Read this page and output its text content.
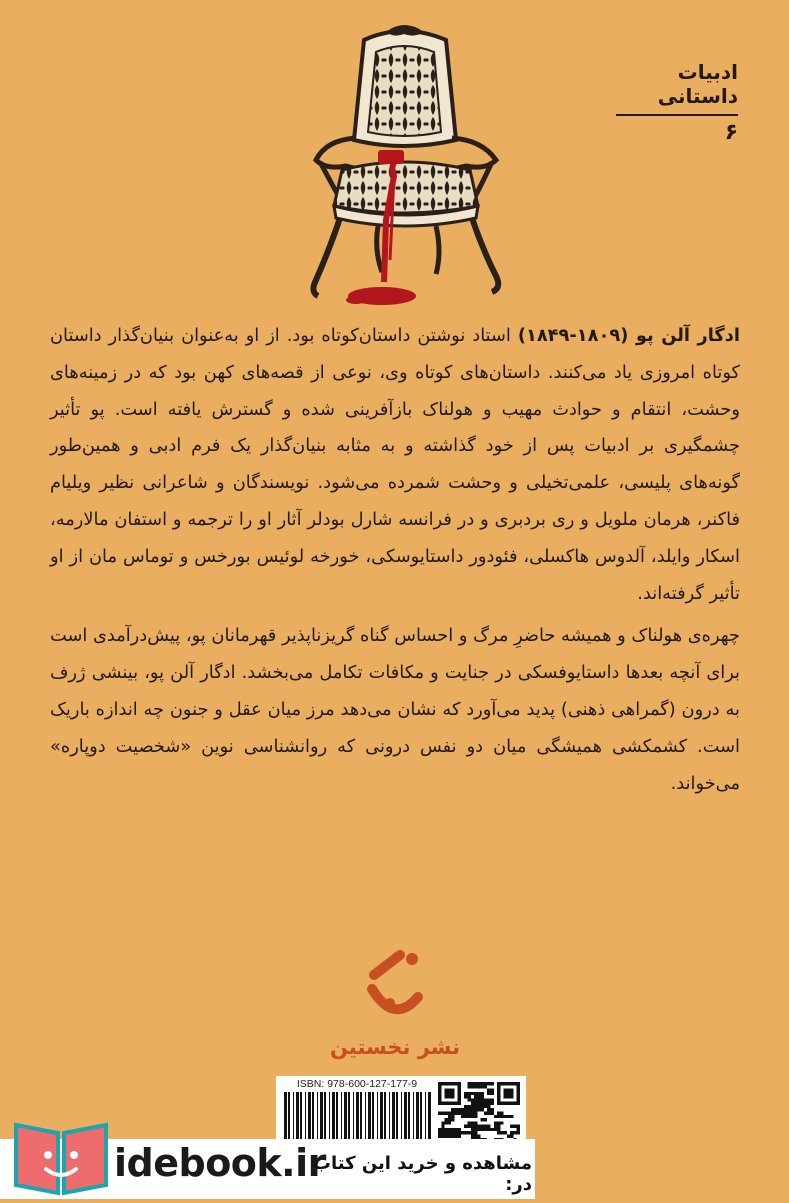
ادبیات داستانی
۶

ادگار آلن پو (۱۸۰۹-۱۸۴۹) استاد نوشتن داستان‌کوتاه بود. از او به‌عنوان بنیان‌گذار داستان کوتاه امروزی یاد می‌کنند. داستان‌های کوتاه وی، نوعی از قصه‌های کهن بود که در زمینه‌های وحشت، انتقام و حوادث مهیب و هولناک بازآفرینی شده و گسترش یافته است. پو تأثیر چشمگیری بر ادبیات پس از خود گذاشته و به مثابه بنیان‌گذار یک فرم ادبی و همین‌طور گونه‌های پلیسی، علمی‌تخیلی و وحشت شمرده می‌شود. نویسندگان و شاعرانی نظیر ویلیام فاکنر، هرمان ملویل و ری بردبری و در فرانسه شارل بودلر آثار او را ترجمه و استفان مالارمه، اسکار وایلد، آلدوس هاکسلی، فئودور داستایوسکی، خورخه لوئیس بورخس و توماس مان از او تأثیر گرفته‌اند.

چهره‌ی هولناک و همیشه حاضرِ مرگ و احساس گناه گریزناپذیر قهرمانان پو، پیش‌درآمدی است برای آنچه بعدها داستایوفسکی در جنایت و مکافات تکامل می‌بخشد. ادگار آلن پو، بینشی ژرف به درون (گمراهی ذهنی) پدید می‌آورد که نشان می‌دهد مرز میان عقل و جنون چه اندازه باریک است. کشمکشی همیشگی میان دو نفس درونی که روانشناسی نوین «شخصیت دوپاره» می‌خواند.

نشر نخستین
ISBN: 978-600-127-177-9
idebook.ir
مشاهده و خرید این کتاب در:
